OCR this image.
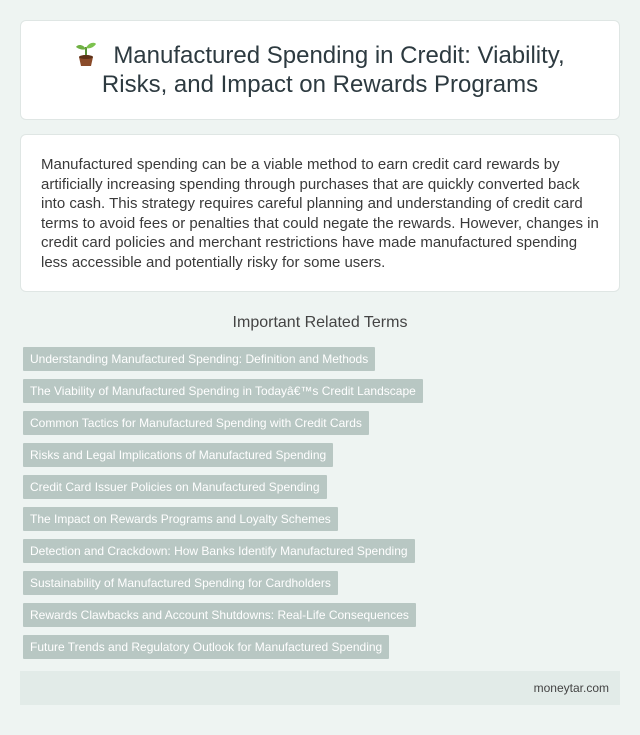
Manufactured Spending in Credit: Viability, Risks, and Impact on Rewards Programs

Manufactured spending can be a viable method to earn credit card rewards by artificially increasing spending through purchases that are quickly converted back into cash. This strategy requires careful planning and understanding of credit card terms to avoid fees or penalties that could negate the rewards. However, changes in credit card policies and merchant restrictions have made manufactured spending less accessible and potentially risky for some users.

Important Related Terms
Understanding Manufactured Spending: Definition and Methods
The Viability of Manufactured Spending in Todayâ€™s Credit Landscape
Common Tactics for Manufactured Spending with Credit Cards
Risks and Legal Implications of Manufactured Spending
Credit Card Issuer Policies on Manufactured Spending
The Impact on Rewards Programs and Loyalty Schemes
Detection and Crackdown: How Banks Identify Manufactured Spending
Sustainability of Manufactured Spending for Cardholders
Rewards Clawbacks and Account Shutdowns: Real-Life Consequences
Future Trends and Regulatory Outlook for Manufactured Spending
moneytar.com
